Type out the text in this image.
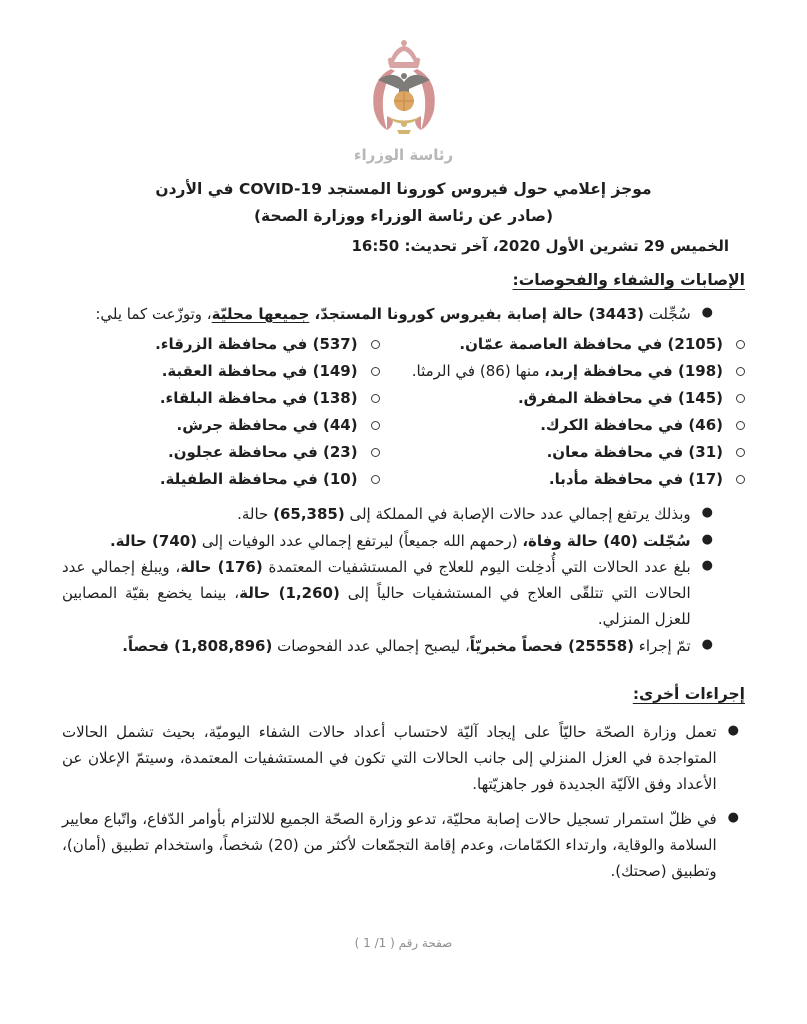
رئاسة الوزراء
موجز إعلامي حول فيروس كورونا المستجد COVID-19 في الأردن
(صادر عن رئاسة الوزراء ووزارة الصحة)
الخميس 29 تشرين الأول 2020، آخر تحديث: 16:50
الإصابات والشفاء والفحوصات:
●
سُجِّلت (3443) حالة إصابة بفيروس كورونا المستجدّ، جميعها محليّة، وتوزّعت كما يلي:
(2105) في محافظة العاصمة عمّان.
(198) في محافظة إربد، منها (86) في الرمثا.
(145) في محافظة المفرق.
(46) في محافظة الكرك.
(31) في محافظة معان.
(17) في محافظة مأدبا.
(537) في محافظة الزرقاء.
(149) في محافظة العقبة.
(138) في محافظة البلقاء.
(44) في محافظة جرش.
(23) في محافظة عجلون.
(10) في محافظة الطفيلة.
●
وبذلك يرتفع إجمالي عدد حالات الإصابة في المملكة إلى (65,385) حالة.
●
سُجّلت (40) حالة وفاة، (رحمهم الله جميعاً) ليرتفع إجمالي عدد الوفيات إلى (740) حالة.
●
بلغ عدد الحالات التي أُدخِلت اليوم للعلاج في المستشفيات المعتمدة (176) حالة، ويبلغ إجمالي عدد الحالات التي تتلقّى العلاج في المستشفيات حالياً إلى (1,260) حالة، بينما يخضع بقيّة المصابين للعزل المنزلي.
●
تمّ إجراء (25558) فحصاً مخبريّاً، ليصبح إجمالي عدد الفحوصات (1,808,896) فحصاً.
إجراءات أخرى:
●
تعمل وزارة الصحّة حاليّاً على إيجاد آليّة لاحتساب أعداد حالات الشفاء اليوميّة، بحيث تشمل الحالات المتواجدة في العزل المنزلي إلى جانب الحالات التي تكون في المستشفيات المعتمدة، وسيتمّ الإعلان عن الأعداد وفق الآليّة الجديدة فور جاهزيّتها.
●
في ظلّ استمرار تسجيل حالات إصابة محليّة، تدعو وزارة الصحّة الجميع للالتزام بأوامر الدّفاع، واتّباع معايير السلامة والوقاية، وارتداء الكمّامات، وعدم إقامة التجمّعات لأكثر من (20) شخصاً، واستخدام تطبيق (أمان)، وتطبيق (صحتك).
صفحة رقم ( 1/ 1 )
